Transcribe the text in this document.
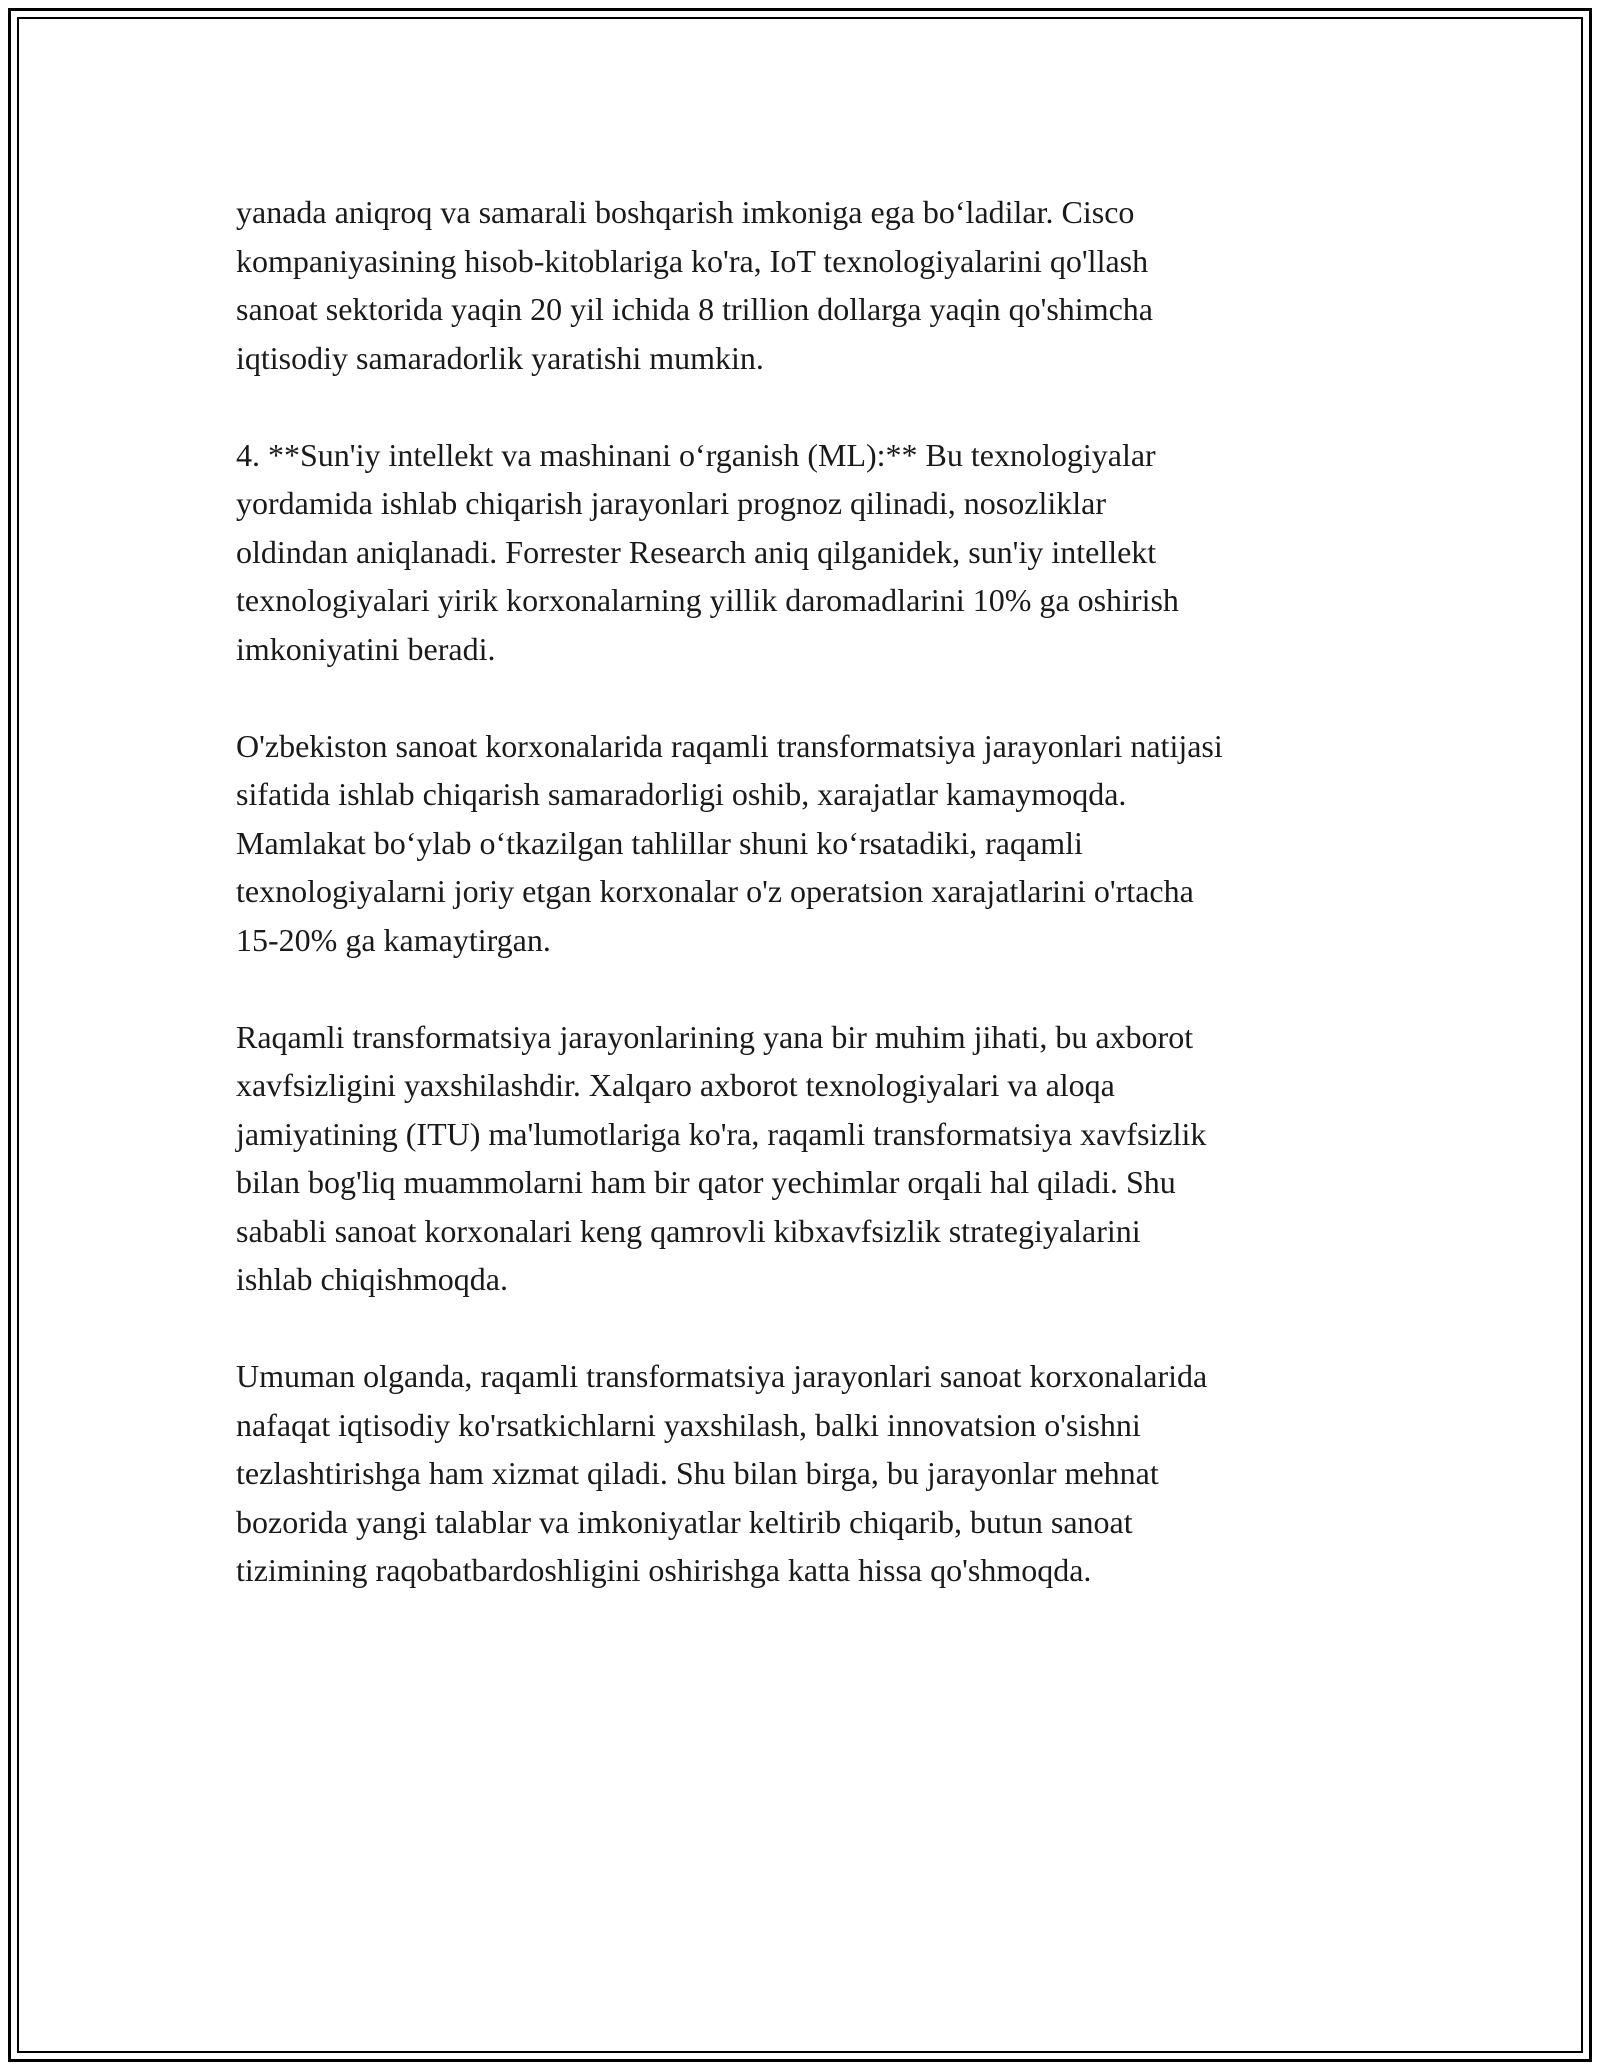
yanada aniqroq va samarali boshqarish imkoniga ega bo‘ladilar. Cisco
kompaniyasining hisob-kitoblariga ko'ra, IoT texnologiyalarini qo'llash
sanoat sektorida yaqin 20 yil ichida 8 trillion dollarga yaqin qo'shimcha
iqtisodiy samaradorlik yaratishi mumkin.

4. **Sun'iy intellekt va mashinani o‘rganish (ML):** Bu texnologiyalar
yordamida ishlab chiqarish jarayonlari prognoz qilinadi, nosozliklar
oldindan aniqlanadi. Forrester Research aniq qilganidek, sun'iy intellekt
texnologiyalari yirik korxonalarning yillik daromadlarini 10% ga oshirish
imkoniyatini beradi.

O'zbekiston sanoat korxonalarida raqamli transformatsiya jarayonlari natijasi
sifatida ishlab chiqarish samaradorligi oshib, xarajatlar kamaymoqda.
Mamlakat bo‘ylab o‘tkazilgan tahlillar shuni ko‘rsatadiki, raqamli
texnologiyalarni joriy etgan korxonalar o'z operatsion xarajatlarini o'rtacha
15-20% ga kamaytirgan.

Raqamli transformatsiya jarayonlarining yana bir muhim jihati, bu axborot
xavfsizligini yaxshilashdir. Xalqaro axborot texnologiyalari va aloqa
jamiyatining (ITU) ma'lumotlariga ko'ra, raqamli transformatsiya xavfsizlik
bilan bog'liq muammolarni ham bir qator yechimlar orqali hal qiladi. Shu
sababli sanoat korxonalari keng qamrovli kibxavfsizlik strategiyalarini
ishlab chiqishmoqda.

Umuman olganda, raqamli transformatsiya jarayonlari sanoat korxonalarida
nafaqat iqtisodiy ko'rsatkichlarni yaxshilash, balki innovatsion o'sishni
tezlashtirishga ham xizmat qiladi. Shu bilan birga, bu jarayonlar mehnat
bozorida yangi talablar va imkoniyatlar keltirib chiqarib, butun sanoat
tizimining raqobatbardoshligini oshirishga katta hissa qo'shmoqda.
